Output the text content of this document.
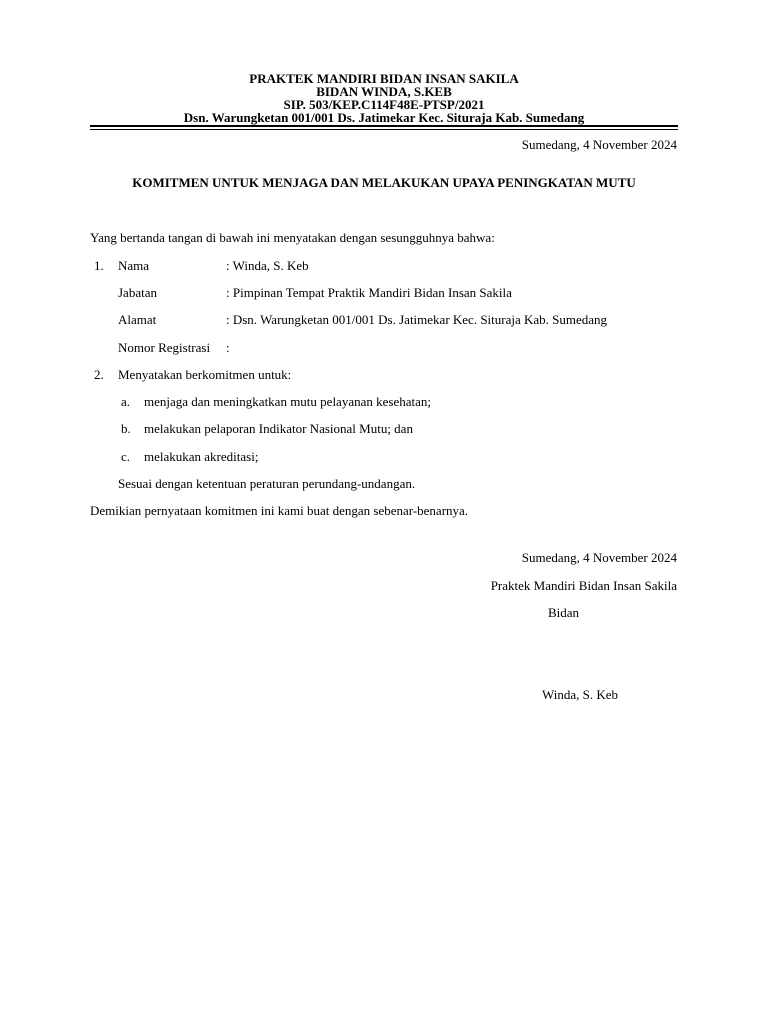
PRAKTEK MANDIRI BIDAN INSAN SAKILA
BIDAN WINDA, S.KEB
SIP. 503/KEP.C114F48E-PTSP/2021
Dsn. Warungketan 001/001 Ds. Jatimekar Kec. Situraja Kab. Sumedang
Sumedang, 4 November 2024
KOMITMEN UNTUK MENJAGA DAN MELAKUKAN UPAYA PENINGKATAN MUTU
Yang bertanda tangan di bawah ini menyatakan dengan sesungguhnya bahwa:
1. Nama	: Winda, S. Keb
Jabatan	: Pimpinan Tempat Praktik Mandiri Bidan Insan Sakila
Alamat	: Dsn. Warungketan 001/001 Ds. Jatimekar Kec. Situraja Kab. Sumedang
Nomor Registrasi :
2. Menyatakan berkomitmen untuk:
a. menjaga dan meningkatkan mutu pelayanan kesehatan;
b. melakukan pelaporan Indikator Nasional Mutu; dan
c. melakukan akreditasi;
Sesuai dengan ketentuan peraturan perundang-undangan.
Demikian pernyataan komitmen ini kami buat dengan sebenar-benarnya.
Sumedang, 4 November 2024
Praktek Mandiri Bidan Insan Sakila
Bidan
Winda, S. Keb
